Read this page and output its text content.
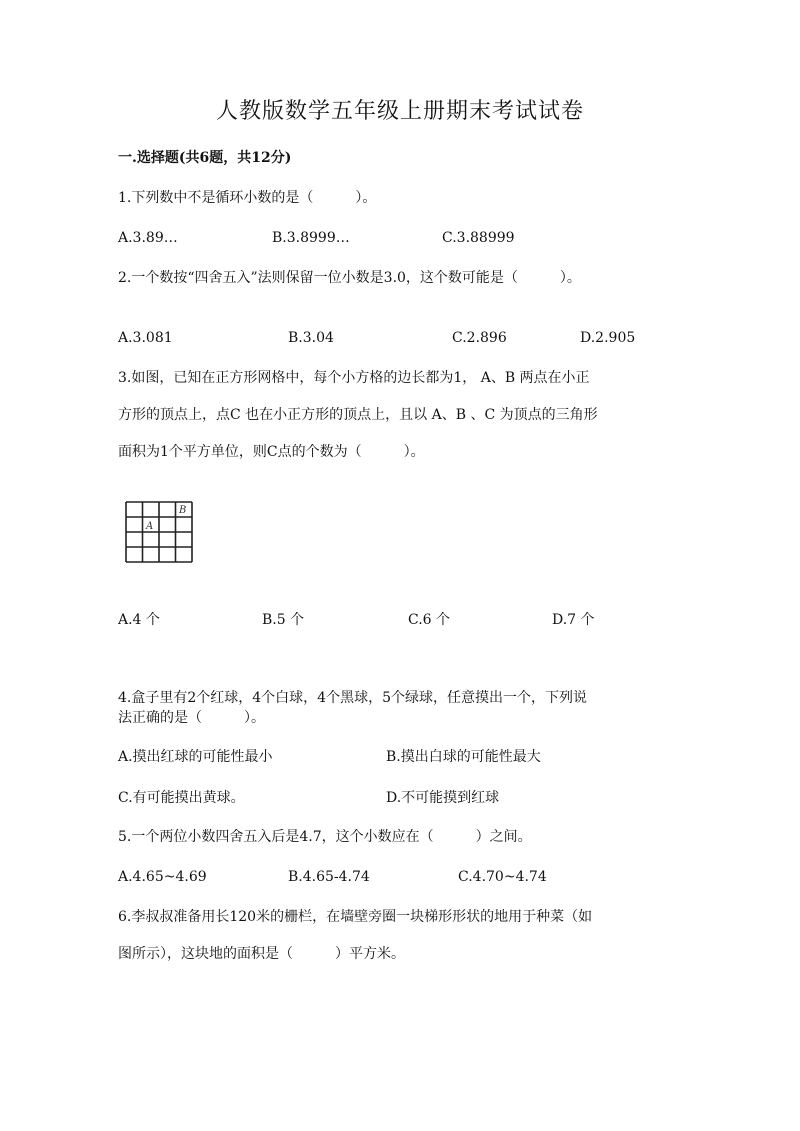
人教版数学五年级上册期末考试试卷
一.选择题(共6题，共12分)
1.下列数中不是循环小数的是（　　　）。
A.3.89…	B.3.8999…	C.3.88999
2.一个数按“四舍五入”法则保留一位小数是3.0，这个数可能是（　　　）。
A.3.081	B.3.04	C.2.896	D.2.905
3.如图，已知在正方形网格中，每个小方格的边长都为1， A、B 两点在小正
方形的顶点上，点C 也在小正方形的顶点上，且以 A、B 、C 为顶点的三角形
面积为1个平方单位，则C点的个数为（　　　）。
A
B
A.4 个	B.5 个	C.6 个	D.7 个
4.盒子里有2个红球，4个白球，4个黑球，5个绿球，任意摸出一个，下列说
法正确的是（　　　）。
A.摸出红球的可能性最小	B.摸出白球的可能性最大
C.有可能摸出黄球。	D.不可能摸到红球
5.一个两位小数四舍五入后是4.7，这个小数应在（　　　）之间。
A.4.65~4.69	B.4.65-4.74	C.4.70~4.74
6.李叔叔准备用长120米的栅栏，在墙壁旁圈一块梯形形状的地用于种菜（如
图所示），这块地的面积是（　　　）平方米。
